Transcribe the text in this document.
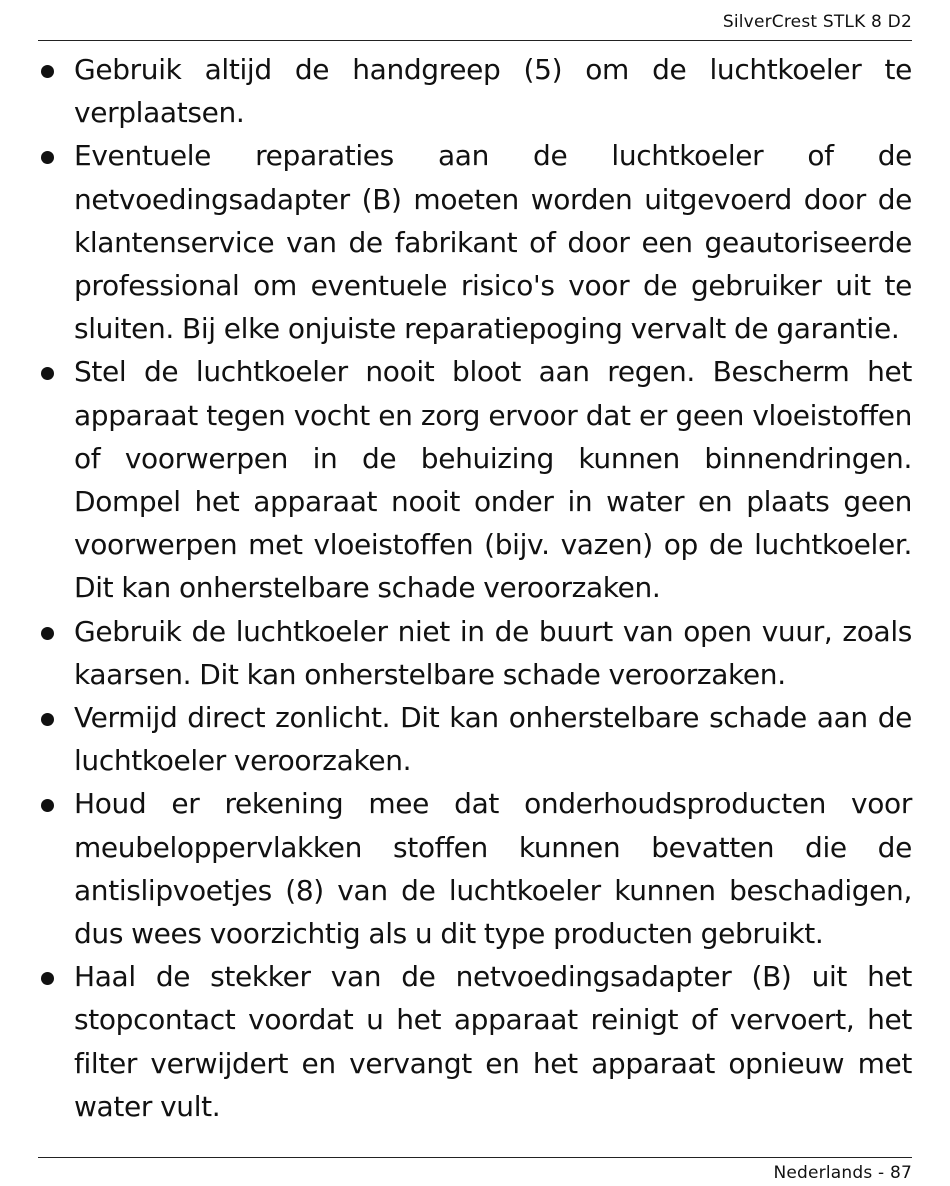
SilverCrest STLK 8 D2
Gebruik altijd de handgreep (5) om de luchtkoeler te verplaatsen.
Eventuele reparaties aan de luchtkoeler of de netvoedingsadapter (B) moeten worden uitgevoerd door de klantenservice van de fabrikant of door een geautoriseerde professional om eventuele risico's voor de gebruiker uit te sluiten. Bij elke onjuiste reparatiepoging vervalt de garantie.
Stel de luchtkoeler nooit bloot aan regen. Bescherm het apparaat tegen vocht en zorg ervoor dat er geen vloeistoffen of voorwerpen in de behuizing kunnen binnendringen. Dompel het apparaat nooit onder in water en plaats geen voorwerpen met vloeistoffen (bijv. vazen) op de luchtkoeler. Dit kan onherstelbare schade veroorzaken.
Gebruik de luchtkoeler niet in de buurt van open vuur, zoals kaarsen. Dit kan onherstelbare schade veroorzaken.
Vermijd direct zonlicht. Dit kan onherstelbare schade aan de luchtkoeler veroorzaken.
Houd er rekening mee dat onderhoudsproducten voor meubeloppervlakken stoffen kunnen bevatten die de antislipvoetjes (8) van de luchtkoeler kunnen beschadigen, dus wees voorzichtig als u dit type producten gebruikt.
Haal de stekker van de netvoedingsadapter (B) uit het stopcontact voordat u het apparaat reinigt of vervoert, het filter verwijdert en vervangt en het apparaat opnieuw met water vult.
Nederlands - 87
